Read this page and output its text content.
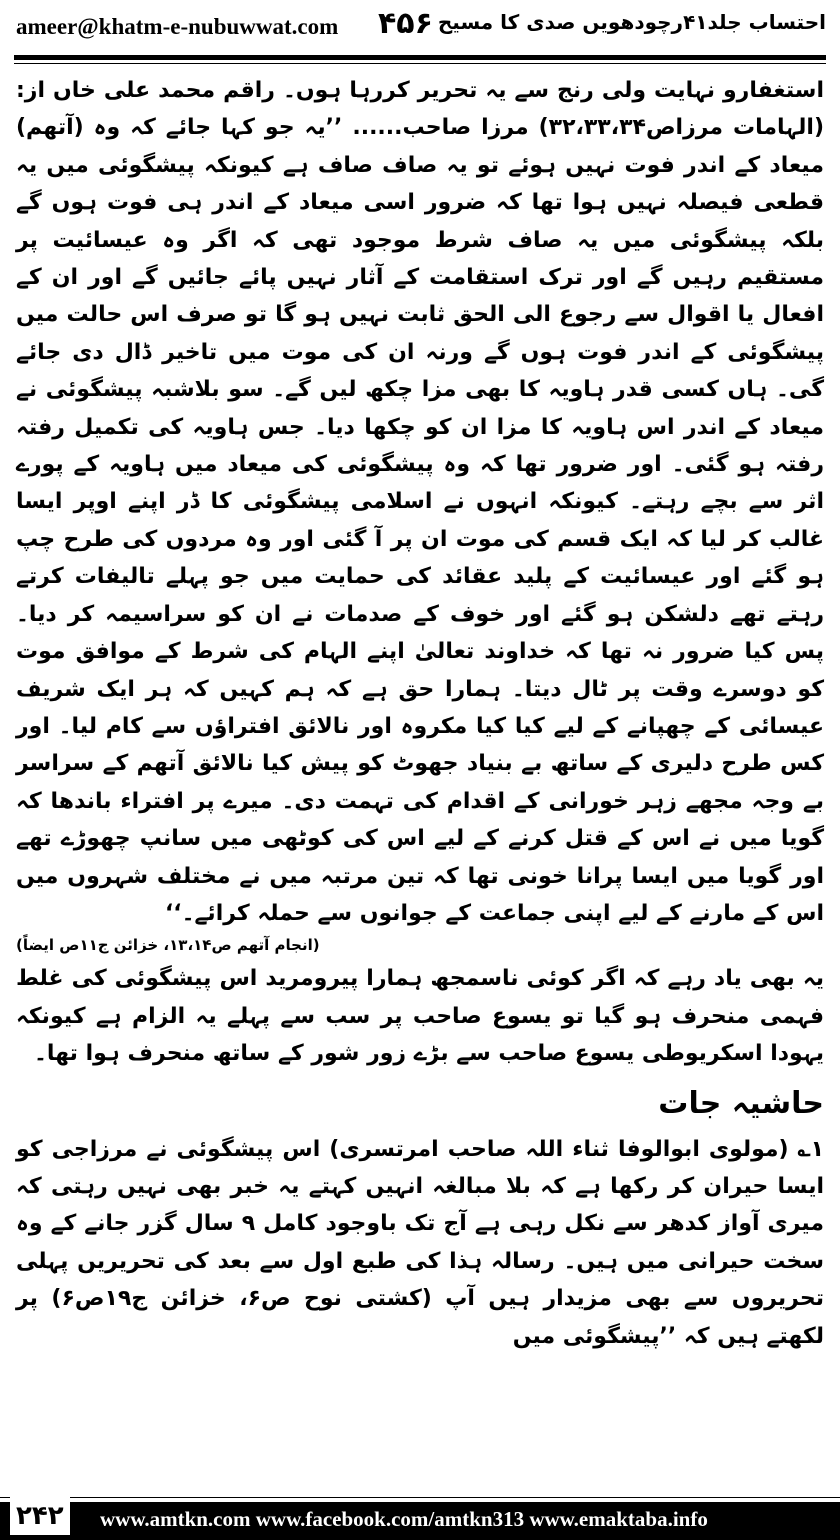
ameer@khatm-e-nubuwwat.com ۴۵۶ احتساب جلد۴۱رچودھویں صدی کا مسیح

استغفارو نہایت ولی رنج سے یہ تحریر کررہا ہوں۔ راقم محمد علی خاں از: (الہامات مرزاص۳۲،۳۳،۳۴) مرزا صاحب...... ’’یہ جو کہا جائے کہ وہ (آتھم) میعاد کے اندر فوت نہیں ہوئے تو یہ صاف صاف ہے کیونکہ پیشگوئی میں یہ قطعی فیصلہ نہیں ہوا تھا کہ ضرور اسی میعاد کے اندر ہی فوت ہوں گے بلکہ پیشگوئی میں یہ صاف شرط موجود تھی کہ اگر وہ عیسائیت پر مستقیم رہیں گے اور ترک استقامت کے آثار نہیں پائے جائیں گے اور ان کے افعال یا اقوال سے رجوع الی الحق ثابت نہیں ہو گا تو صرف اس حالت میں پیشگوئی کے اندر فوت ہوں گے ورنہ ان کی موت میں تاخیر ڈال دی جائے گی۔ ہاں کسی قدر ہاویہ کا بھی مزا چکھ لیں گے۔ سو بلاشبہ پیشگوئی نے میعاد کے اندر اس ہاویہ کا مزا ان کو چکھا دیا۔ جس ہاویہ کی تکمیل رفتہ رفتہ ہو گئی۔ اور ضرور تھا کہ وہ پیشگوئی کی میعاد میں ہاویہ کے پورے اثر سے بچے رہتے۔ کیونکہ انہوں نے اسلامی پیشگوئی کا ڈر اپنے اوپر ایسا غالب کر لیا کہ ایک قسم کی موت ان پر آ گئی اور وہ مردوں کی طرح چپ ہو گئے اور عیسائیت کے پلید عقائد کی حمایت میں جو پہلے تالیفات کرتے رہتے تھے دلشکن ہو گئے اور خوف کے صدمات نے ان کو سراسیمہ کر دیا۔ پس کیا ضرور نہ تھا کہ خداوند تعالیٰ اپنے الہام کی شرط کے موافق موت کو دوسرے وقت پر ٹال دیتا۔ ہمارا حق ہے کہ ہم کہیں کہ ہر ایک شریف عیسائی کے چھپانے کے لیے کیا کیا مکروہ اور نالائق افتراؤں سے کام لیا۔ اور کس طرح دلیری کے ساتھ بے بنیاد جھوٹ کو پیش کیا نالائق آتھم کے سراسر بے وجہ مجھے زہر خورانی کے اقدام کی تہمت دی۔ میرے پر افتراء باندھا کہ گویا میں نے اس کے قتل کرنے کے لیے اس کی کوٹھی میں سانپ چھوڑے تھے اور گویا میں ایسا پرانا خونی تھا کہ تین مرتبہ میں نے مختلف شہروں میں اس کے مارنے کے لیے اپنی جماعت کے جوانوں سے حملہ کرائے۔‘‘

(انجام آتھم ص۱۳،۱۴، خزائن ج۱۱ص ایضاً)

یہ بھی یاد رہے کہ اگر کوئی ناسمجھ ہمارا پیرومرید اس پیشگوئی کی غلط فہمی منحرف ہو گیا تو یسوع صاحب پر سب سے پہلے یہ الزام ہے کیونکہ یہودا اسکریوطی یسوع صاحب سے بڑے زور شور کے ساتھ منحرف ہوا تھا۔

حاشیہ جات

۱؎ (مولوی ابوالوفا ثناء اللہ صاحب امرتسری) اس پیشگوئی نے مرزاجی کو ایسا حیران کر رکھا ہے کہ بلا مبالغہ انہیں کہتے یہ خبر بھی نہیں رہتی کہ میری آواز کدھر سے نکل رہی ہے آج تک باوجود کامل ۹ سال گزر جانے کے وہ سخت حیرانی میں ہیں۔ رسالہ ہذا کی طبع اول سے بعد کی تحریریں پہلی تحریروں سے بھی مزیدار ہیں آپ (کشتی نوح ص۶، خزائن ج۱۹ص۶) پر لکھتے ہیں کہ ’’پیشگوئی میں

۲۴۲ www.amtkn.com www.facebook.com/amtkn313 www.emaktaba.info
